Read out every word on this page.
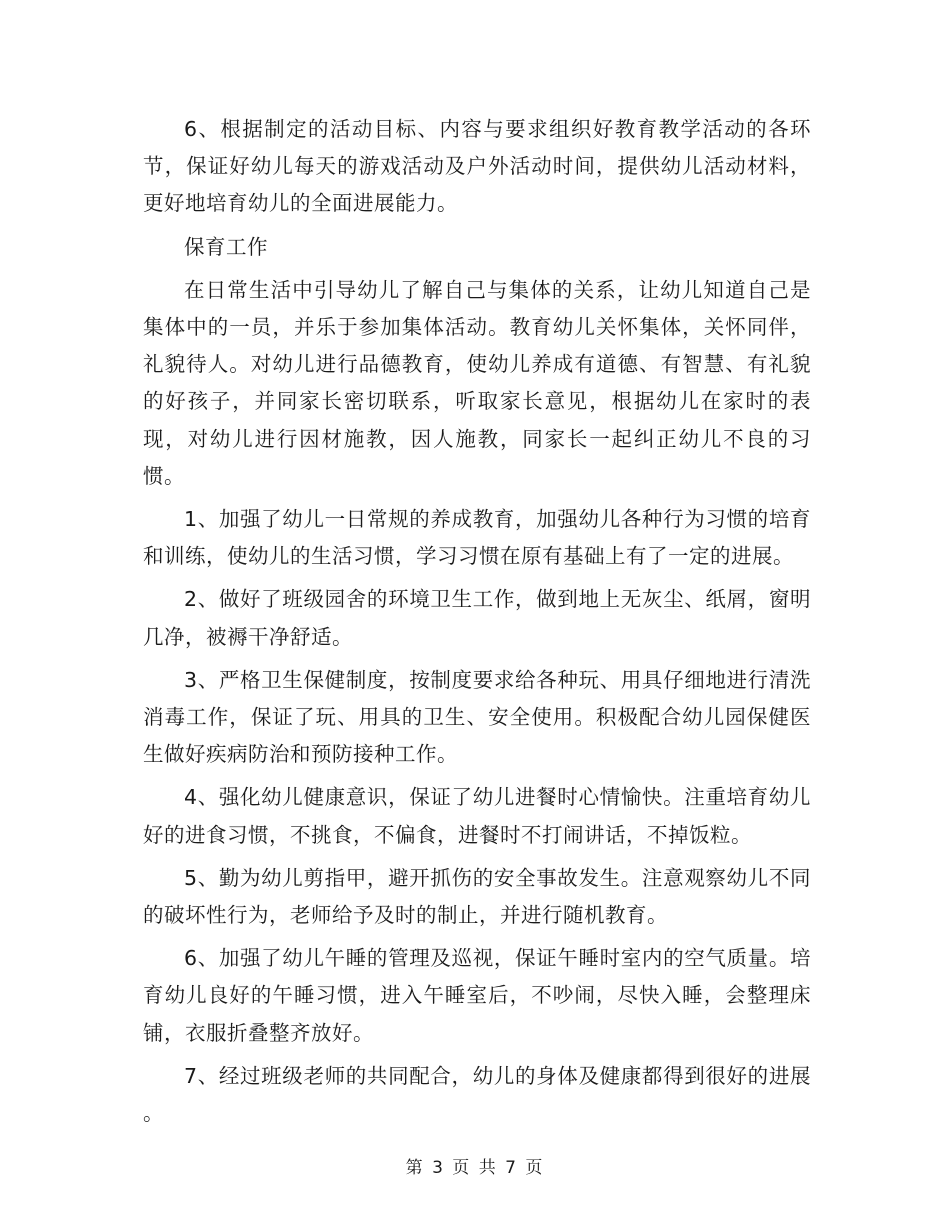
6、根据制定的活动目标、内容与要求组织好教育教学活动的各环节，保证好幼儿每天的游戏活动及户外活动时间，提供幼儿活动材料，更好地培育幼儿的全面进展能力。

保育工作

在日常生活中引导幼儿了解自己与集体的关系，让幼儿知道自己是集体中的一员，并乐于参加集体活动。教育幼儿关怀集体，关怀同伴，礼貌待人。对幼儿进行品德教育，使幼儿养成有道德、有智慧、有礼貌的好孩子，并同家长密切联系，听取家长意见，根据幼儿在家时的表现，对幼儿进行因材施教，因人施教，同家长一起纠正幼儿不良的习惯。

1、加强了幼儿一日常规的养成教育，加强幼儿各种行为习惯的培育和训练，使幼儿的生活习惯，学习习惯在原有基础上有了一定的进展。

2、做好了班级园舍的环境卫生工作，做到地上无灰尘、纸屑，窗明几净，被褥干净舒适。

3、严格卫生保健制度，按制度要求给各种玩、用具仔细地进行清洗消毒工作，保证了玩、用具的卫生、安全使用。积极配合幼儿园保健医生做好疾病防治和预防接种工作。

4、强化幼儿健康意识，保证了幼儿进餐时心情愉快。注重培育幼儿好的进食习惯，不挑食，不偏食，进餐时不打闹讲话，不掉饭粒。

5、勤为幼儿剪指甲，避开抓伤的安全事故发生。注意观察幼儿不同的破坏性行为，老师给予及时的制止，并进行随机教育。

6、加强了幼儿午睡的管理及巡视，保证午睡时室内的空气质量。培育幼儿良好的午睡习惯，进入午睡室后，不吵闹，尽快入睡，会整理床铺，衣服折叠整齐放好。

7、经过班级老师的共同配合，幼儿的身体及健康都得到很好的进展 。

第 3 页 共 7 页
